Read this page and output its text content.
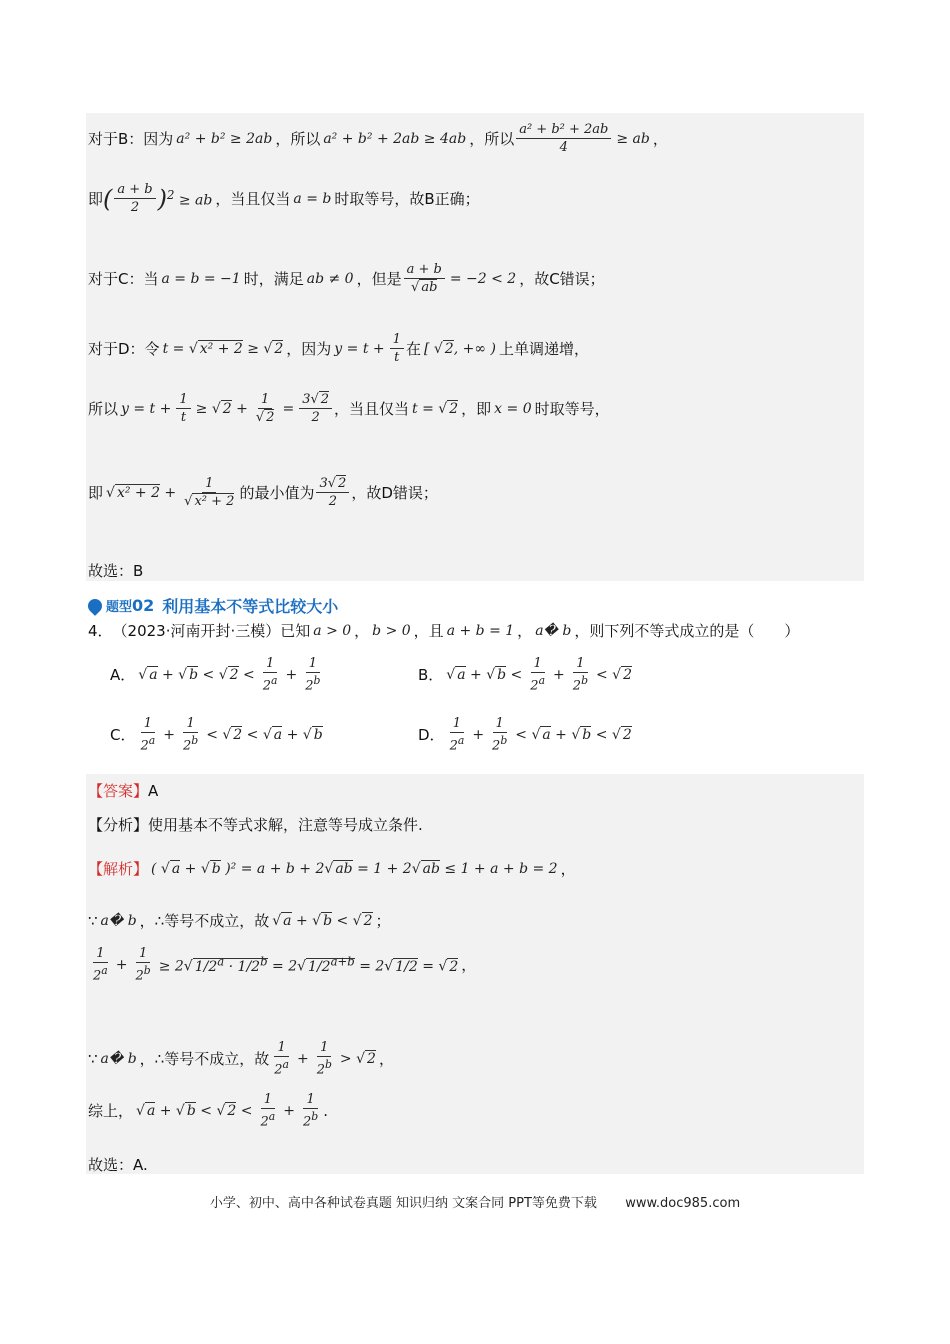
对于B：因为 a² + b² ≥ 2ab ，所以 a² + b² + 2ab ≥ 4ab ，所以 $\frac{\text{a² + b² + 2ab}}{4}$ ≥ ab ，
即 ( $\frac{a + b}{2}$ ) $^2$ ≥ ab ，当且仅当 a = b 时取等号，故B正确；
对于C：当 a = b = −1 时，满足 ab ≠ 0 ，但是 $\frac{a + b}{√ ab} = -2 < 2$ ，故C错误；
对于D：令 t = √ x² + 2 ≥ √ 2 ，因为 $y = t + \frac{1}{t}$ 在 [ √ 2, +∞ ) 上单调递增，
所以 $y = t + \frac{1}{t}$ ≥ √ $2 + \frac{1}{√ 2} = \frac{3√ 2}{2}$ ，当且仅当 t = √ 2 ，即 x = 0 时取等号，
即 √ $x^2 + 2 + \frac{1}{\text{√ x² + 2}}$ 的最小值为 $\frac{3√ 2}{2}$ ，故D错误；
故选：B
题型 02 利用基本不等式比较大小
4． （2023·河南开封·三模）已知 a > 0 ， b > 0 ，且 a + b = 1 ， a� b ，则下列不等式成立的是（　　）
A． √ a + √ b < √ $2 < \frac{1}{2^a} + \frac{1}{2^b}$	B． √ a + √ $b < \frac{1}{2^a} + \frac{1}{2^b}$ < √ 2
C． $\frac{1}{2^a} + \frac{1}{2^b}$ < √ 2 < √ a + √ b	D． $\frac{1}{2^a} + \frac{1}{2^b}$ < √ a + √ b < √ 2
【答案】 A
【分析】 使用基本不等式求解，注意等号成立条件.
【解析】 ( √ a + √ b )² = a + b + 2√ ab = 1 + 2√ ab ≤ 1 + a + b = 2 ，
∵ a� b ，∴等号不成立，故 √ a + √ b < √ 2 ；
$\frac{1}{2^a} + \frac{1}{2^b} \ge 2√$ $1/2^a \cdot 1/2^b = 2√$ $1/2^{a+b} = 2√$ 1/2 = √ 2 ，
∵ a� b ，∴等号不成立，故 $\frac{1}{2^a} + \frac{1}{2^b}$ > √ 2 ，
综上， √ a + √ b < √ $2 < \frac{1}{2^a} + \frac{1}{2^b}$ .
故选：A.
小学、初中、高中各种试卷真题 知识归纳 文案合同 PPT等免费下载 www.doc985.com
